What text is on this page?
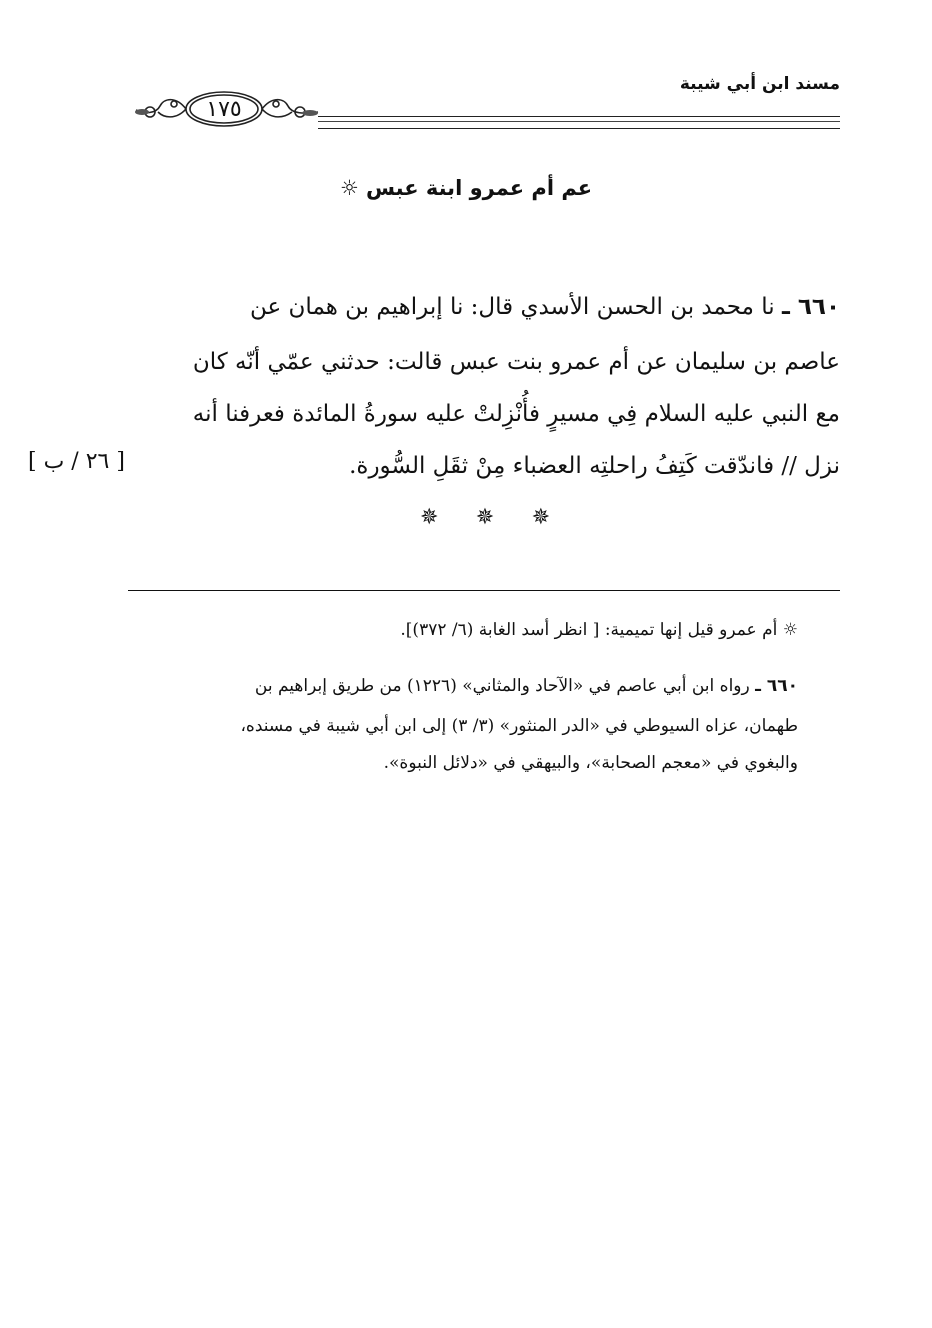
مسند ابن أبي شيبة
١٧٥
عم أم عمرو ابنة عبس ☼
٦٦٠ ـ نا محمد بن الحسن الأسدي قال: نا إبراهيم بن همان عن
عاصم بن سليمان عن أم عمرو بنت عبس قالت: حدثني عمّي أنّه كان
مع النبي عليه السلام فِي مسيرٍ فأُنْزِلتْ عليه سورةُ المائدة فعرفنا أنه
نزل // فاندّقت كَتِفُ راحلتِه العضباء مِنْ ثقَلِ السُّورة.
[ ٢٦ / ب ]
✵ ✵ ✵
☼ أم عمرو قيل إنها تميمية: [ انظر أسد الغابة (٦/ ٣٧٢)].
٦٦٠ ـ رواه ابن أبي عاصم في «الآحاد والمثاني» (١٢٢٦) من طريق إبراهيم بن
طهمان، عزاه السيوطي في «الدر المنثور» (٣/ ٣) إلى ابن أبي شيبة في مسنده،
والبغوي في «معجم الصحابة»، والبيهقي في «دلائل النبوة».
